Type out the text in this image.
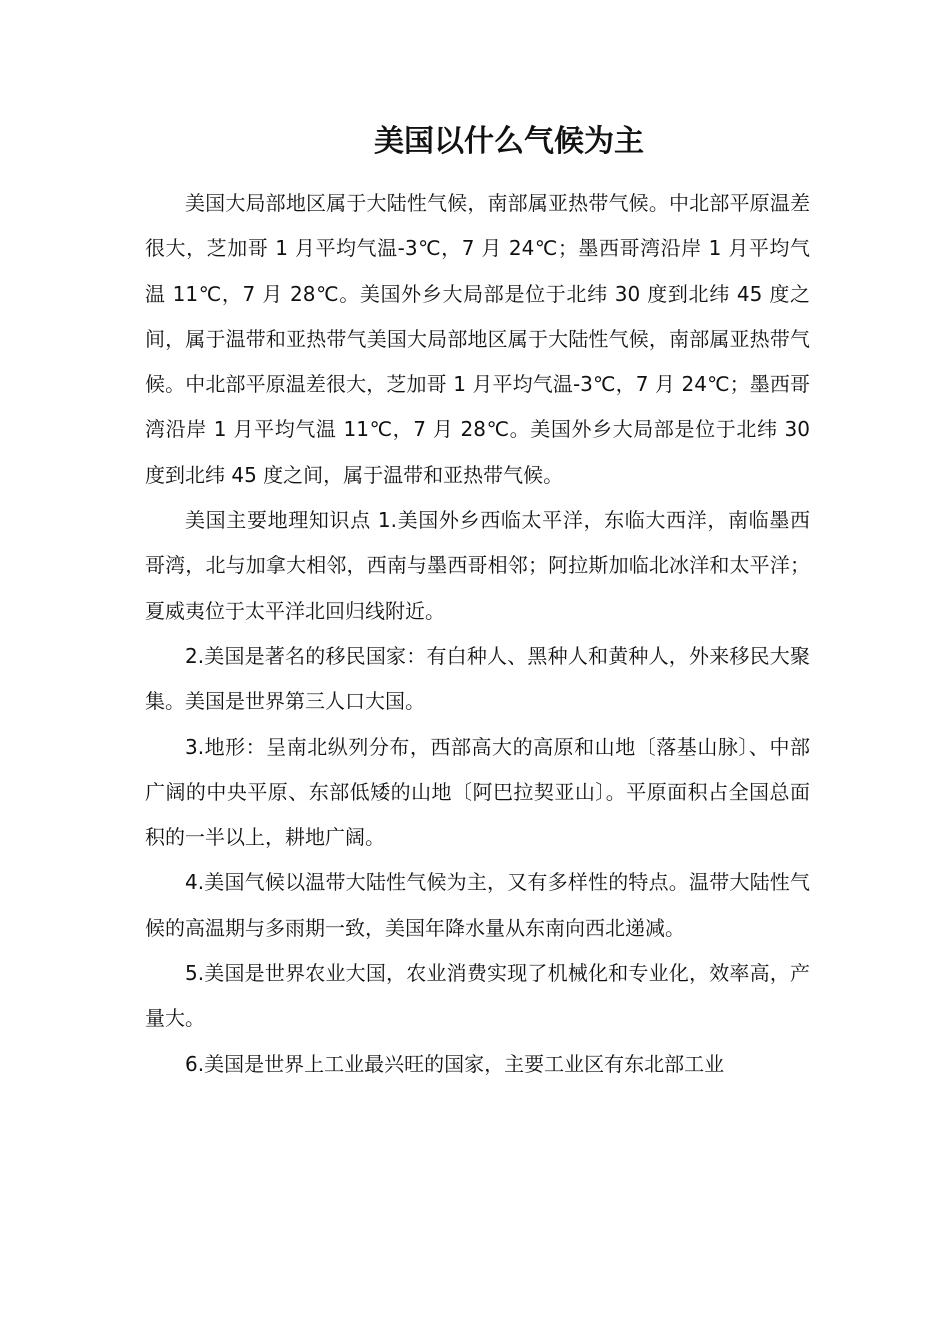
美国以什么气候为主

美国大局部地区属于大陆性气候，南部属亚热带气候。中北部平原温差很大，芝加哥 1 月平均气温-3℃，7 月 24℃；墨西哥湾沿岸 1 月平均气温 11℃，7 月 28℃。美国外乡大局部是位于北纬 30 度到北纬 45 度之间，属于温带和亚热带气美国大局部地区属于大陆性气候，南部属亚热带气候。中北部平原温差很大，芝加哥 1 月平均气温-3℃，7 月 24℃；墨西哥湾沿岸 1 月平均气温 11℃，7 月 28℃。美国外乡大局部是位于北纬 30 度到北纬 45 度之间，属于温带和亚热带气候。

美国主要地理知识点 1.美国外乡西临太平洋，东临大西洋，南临墨西哥湾，北与加拿大相邻，西南与墨西哥相邻；阿拉斯加临北冰洋和太平洋；夏威夷位于太平洋北回归线附近。

2.美国是著名的移民国家：有白种人、黑种人和黄种人，外来移民大聚集。美国是世界第三人口大国。

3.地形：呈南北纵列分布，西部高大的高原和山地〔落基山脉〕、中部广阔的中央平原、东部低矮的山地〔阿巴拉契亚山〕。平原面积占全国总面积的一半以上，耕地广阔。

4.美国气候以温带大陆性气候为主，又有多样性的特点。温带大陆性气候的高温期与多雨期一致，美国年降水量从东南向西北递减。

5.美国是世界农业大国，农业消费实现了机械化和专业化，效率高，产量大。

6.美国是世界上工业最兴旺的国家，主要工业区有东北部工业
